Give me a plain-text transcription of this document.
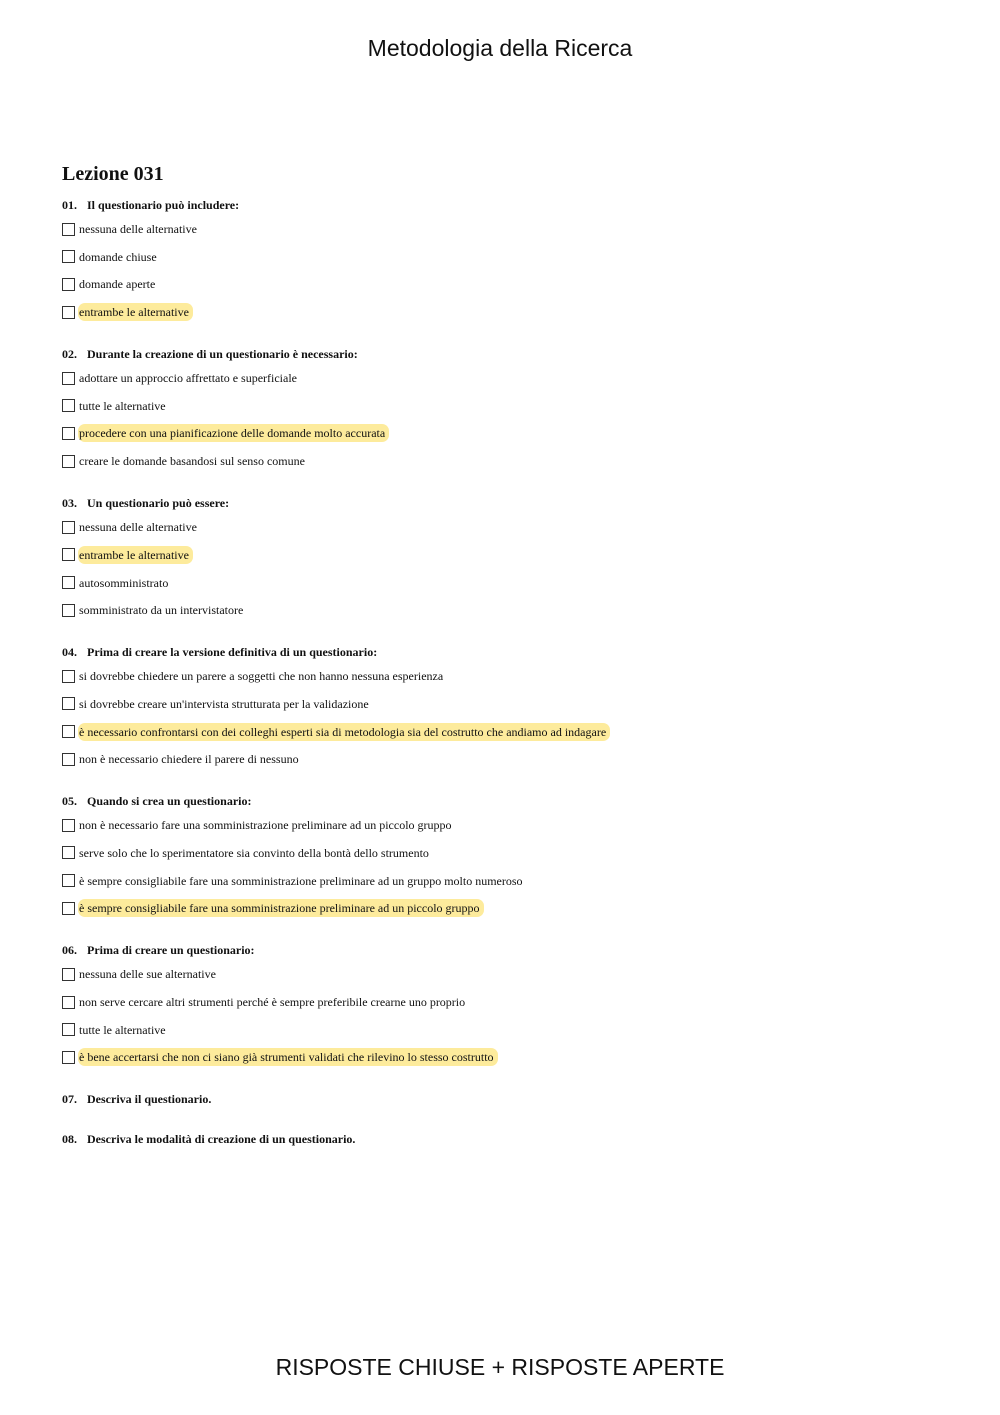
Metodologia della Ricerca
Lezione 031
01. Il questionario può includere:
nessuna delle alternative
domande chiuse
domande aperte
entrambe le alternative
02. Durante la creazione di un questionario è necessario:
adottare un approccio affrettato e superficiale
tutte le alternative
procedere con una pianificazione delle domande molto accurata
creare le domande basandosi sul senso comune
03. Un questionario può essere:
nessuna delle alternative
entrambe le alternative
autosomministrato
somministrato da un intervistatore
04. Prima di creare la versione definitiva di un questionario:
si dovrebbe chiedere un parere a soggetti che non hanno nessuna esperienza
si dovrebbe creare un'intervista strutturata per la validazione
è necessario confrontarsi con dei colleghi esperti sia di metodologia sia del costrutto che andiamo ad indagare
non è necessario chiedere il parere di nessuno
05. Quando si crea un questionario:
non è necessario fare una somministrazione preliminare ad un piccolo gruppo
serve solo che lo sperimentatore sia convinto della bontà dello strumento
è sempre consigliabile fare una somministrazione preliminare ad un gruppo molto numeroso
è sempre consigliabile fare una somministrazione preliminare ad un piccolo gruppo
06. Prima di creare un questionario:
nessuna delle sue alternative
non serve cercare altri strumenti perché è sempre preferibile crearne uno proprio
tutte le alternative
è bene accertarsi che non ci siano già strumenti validati che rilevino lo stesso costrutto
07. Descriva il questionario.
08. Descriva le modalità di creazione di un questionario.
RISPOSTE CHIUSE + RISPOSTE APERTE
